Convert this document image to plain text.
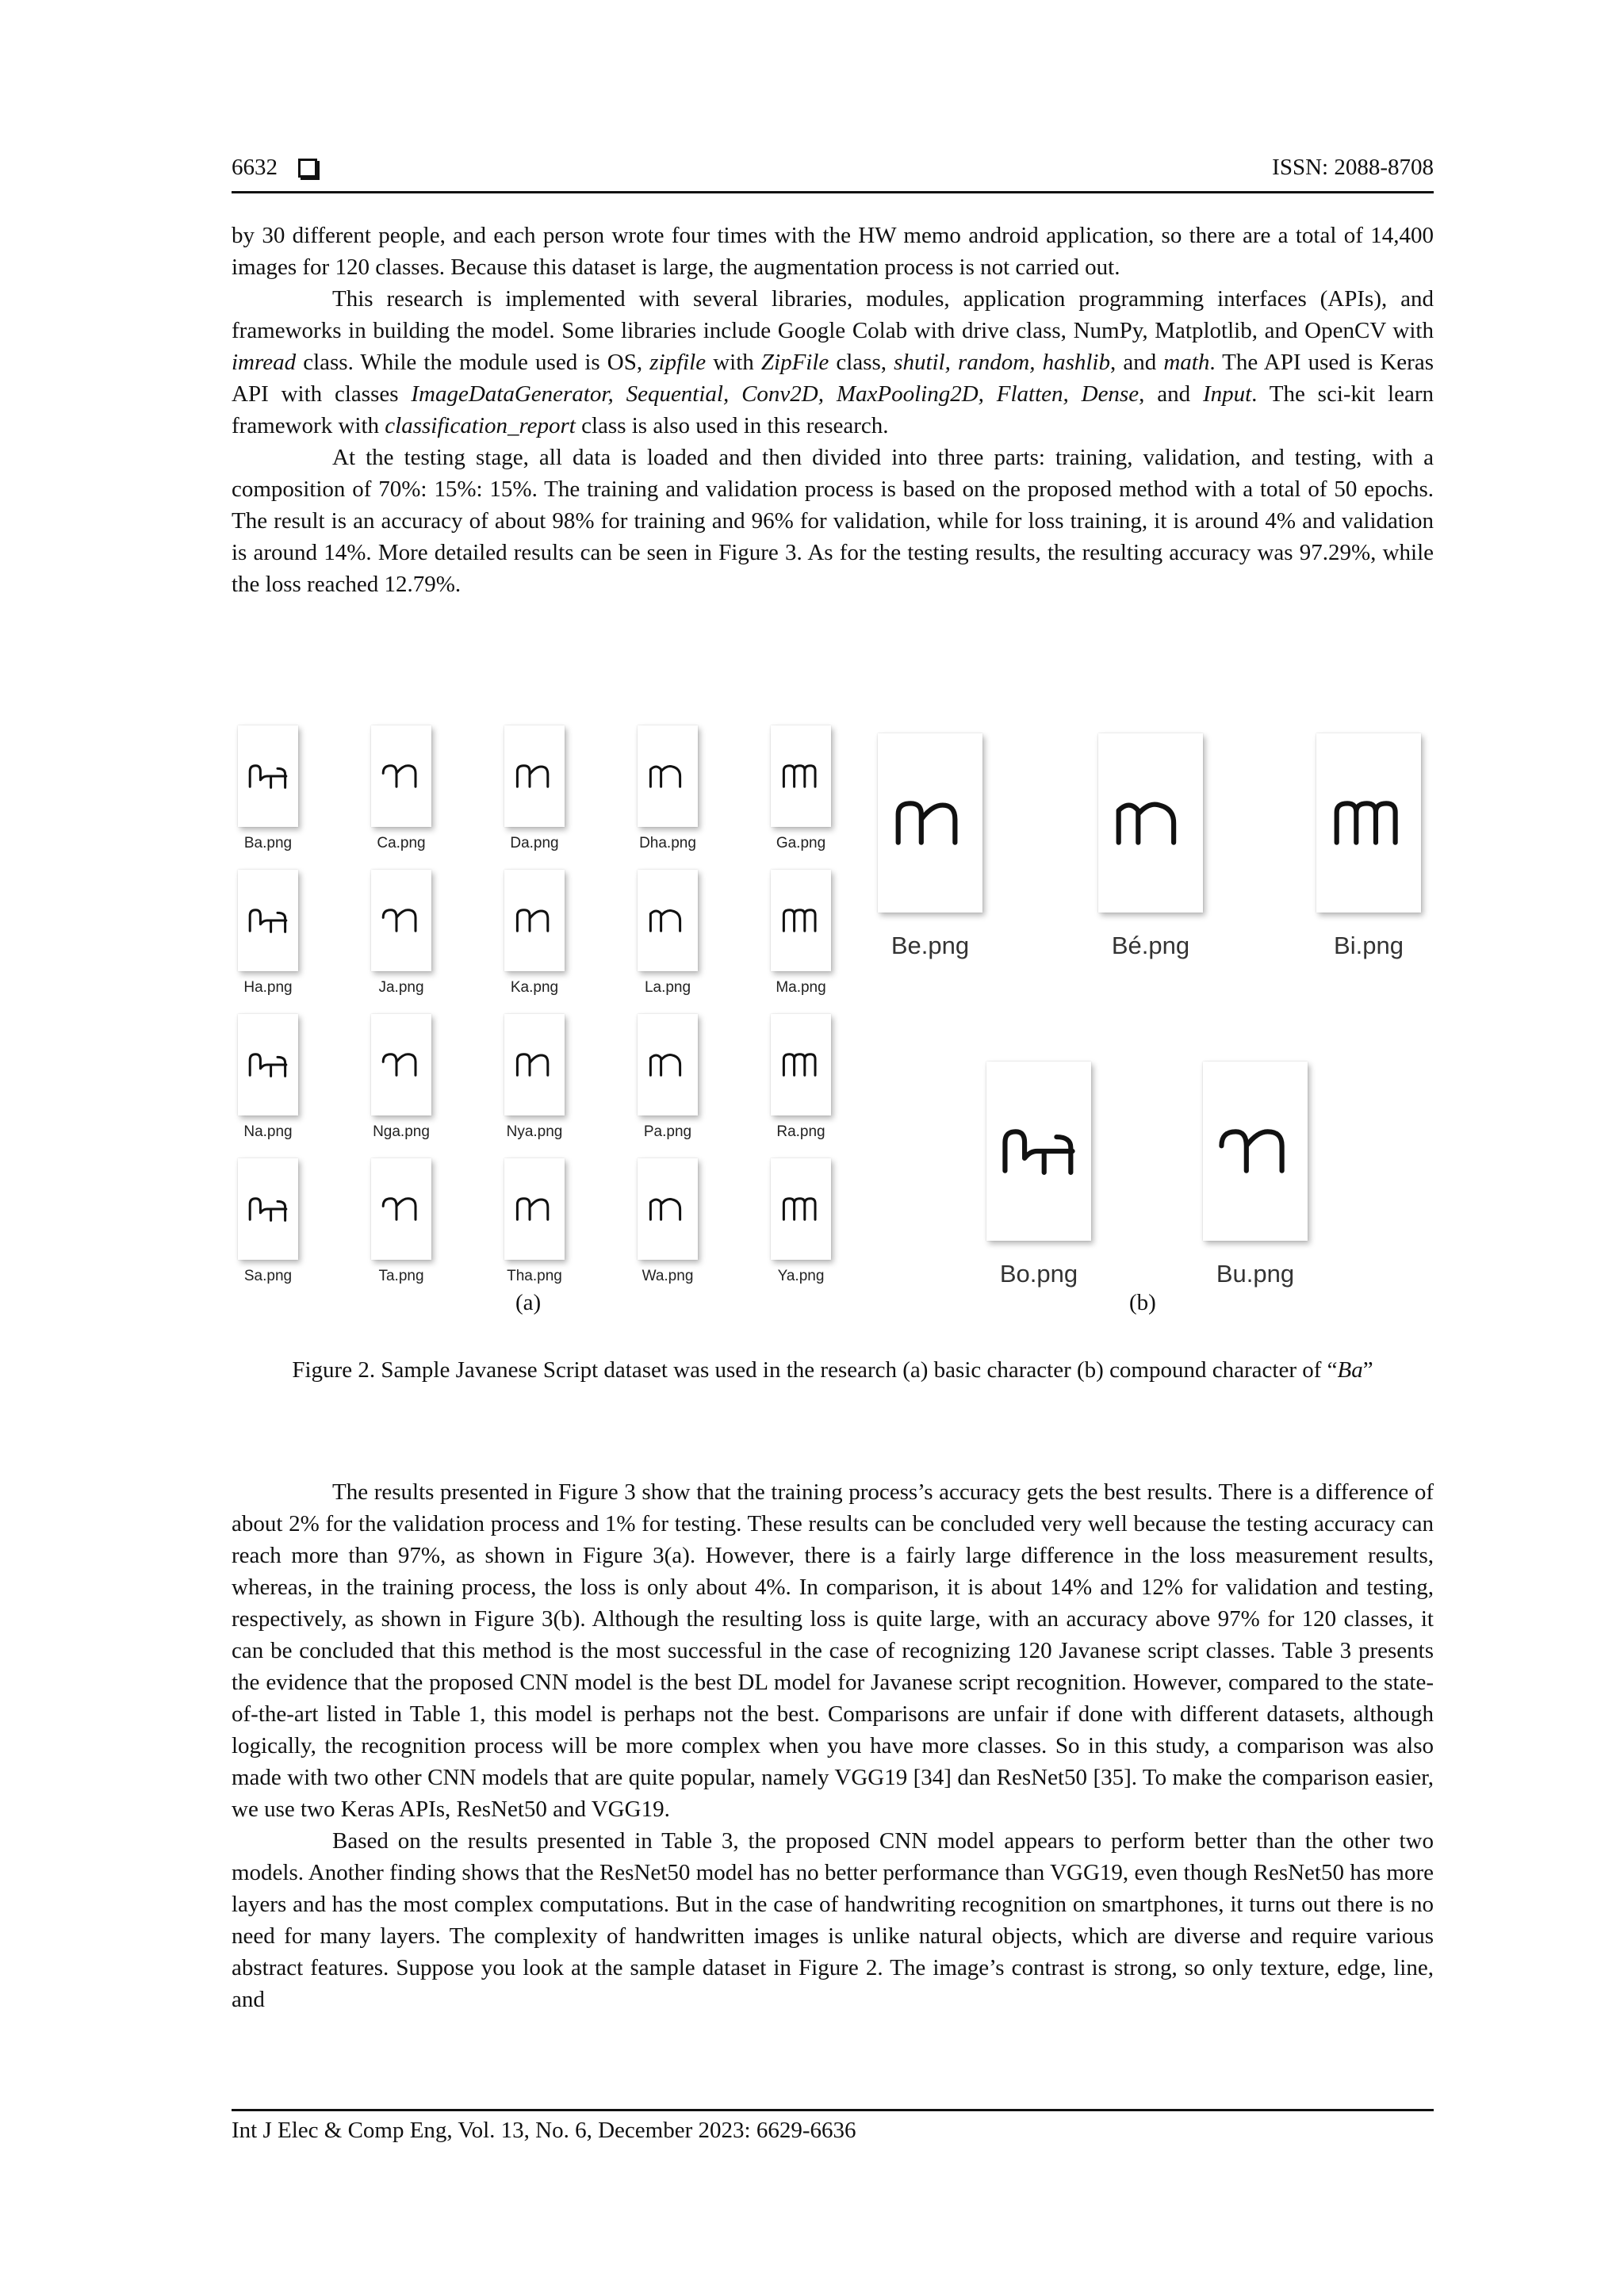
6632	ISSN: 2088-8708

by 30 different people, and each person wrote four times with the HW memo android application, so there are a total of 14,400 images for 120 classes. Because this dataset is large, the augmentation process is not carried out.

This research is implemented with several libraries, modules, application programming interfaces (APIs), and frameworks in building the model. Some libraries include Google Colab with drive class, NumPy, Matplotlib, and OpenCV with imread class. While the module used is OS, zipfile with ZipFile class, shutil, random, hashlib, and math. The API used is Keras API with classes ImageDataGenerator, Sequential, Conv2D, MaxPooling2D, Flatten, Dense, and Input. The sci-kit learn framework with classification_report class is also used in this research.

At the testing stage, all data is loaded and then divided into three parts: training, validation, and testing, with a composition of 70%: 15%: 15%. The training and validation process is based on the proposed method with a total of 50 epochs. The result is an accuracy of about 98% for training and 96% for validation, while for loss training, it is around 4% and validation is around 14%. More detailed results can be seen in Figure 3. As for the testing results, the resulting accuracy was 97.29%, while the loss reached 12.79%.

Ba.png	Ca.png	Da.png	Dha.png	Ga.png
Ha.png	Ja.png	Ka.png	La.png	Ma.png
Na.png	Nga.png	Nya.png	Pa.png	Ra.png
Sa.png	Ta.png	Tha.png	Wa.png	Ya.png
Be.png	Bé.png	Bi.png
Bo.png	Bu.png
(a)	(b)
Figure 2. Sample Javanese Script dataset was used in the research (a) basic character (b) compound character of “Ba”

The results presented in Figure 3 show that the training process’s accuracy gets the best results. There is a difference of about 2% for the validation process and 1% for testing. These results can be concluded very well because the testing accuracy can reach more than 97%, as shown in Figure 3(a). However, there is a fairly large difference in the loss measurement results, whereas, in the training process, the loss is only about 4%. In comparison, it is about 14% and 12% for validation and testing, respectively, as shown in Figure 3(b). Although the resulting loss is quite large, with an accuracy above 97% for 120 classes, it can be concluded that this method is the most successful in the case of recognizing 120 Javanese script classes. Table 3 presents the evidence that the proposed CNN model is the best DL model for Javanese script recognition. However, compared to the state-of-the-art listed in Table 1, this model is perhaps not the best. Comparisons are unfair if done with different datasets, although logically, the recognition process will be more complex when you have more classes. So in this study, a comparison was also made with two other CNN models that are quite popular, namely VGG19 [34] dan ResNet50 [35]. To make the comparison easier, we use two Keras APIs, ResNet50 and VGG19.

Based on the results presented in Table 3, the proposed CNN model appears to perform better than the other two models. Another finding shows that the ResNet50 model has no better performance than VGG19, even though ResNet50 has more layers and has the most complex computations. But in the case of handwriting recognition on smartphones, it turns out there is no need for many layers. The complexity of handwritten images is unlike natural objects, which are diverse and require various abstract features. Suppose you look at the sample dataset in Figure 2. The image’s contrast is strong, so only texture, edge, line, and

Int J Elec & Comp Eng, Vol. 13, No. 6, December 2023: 6629-6636
